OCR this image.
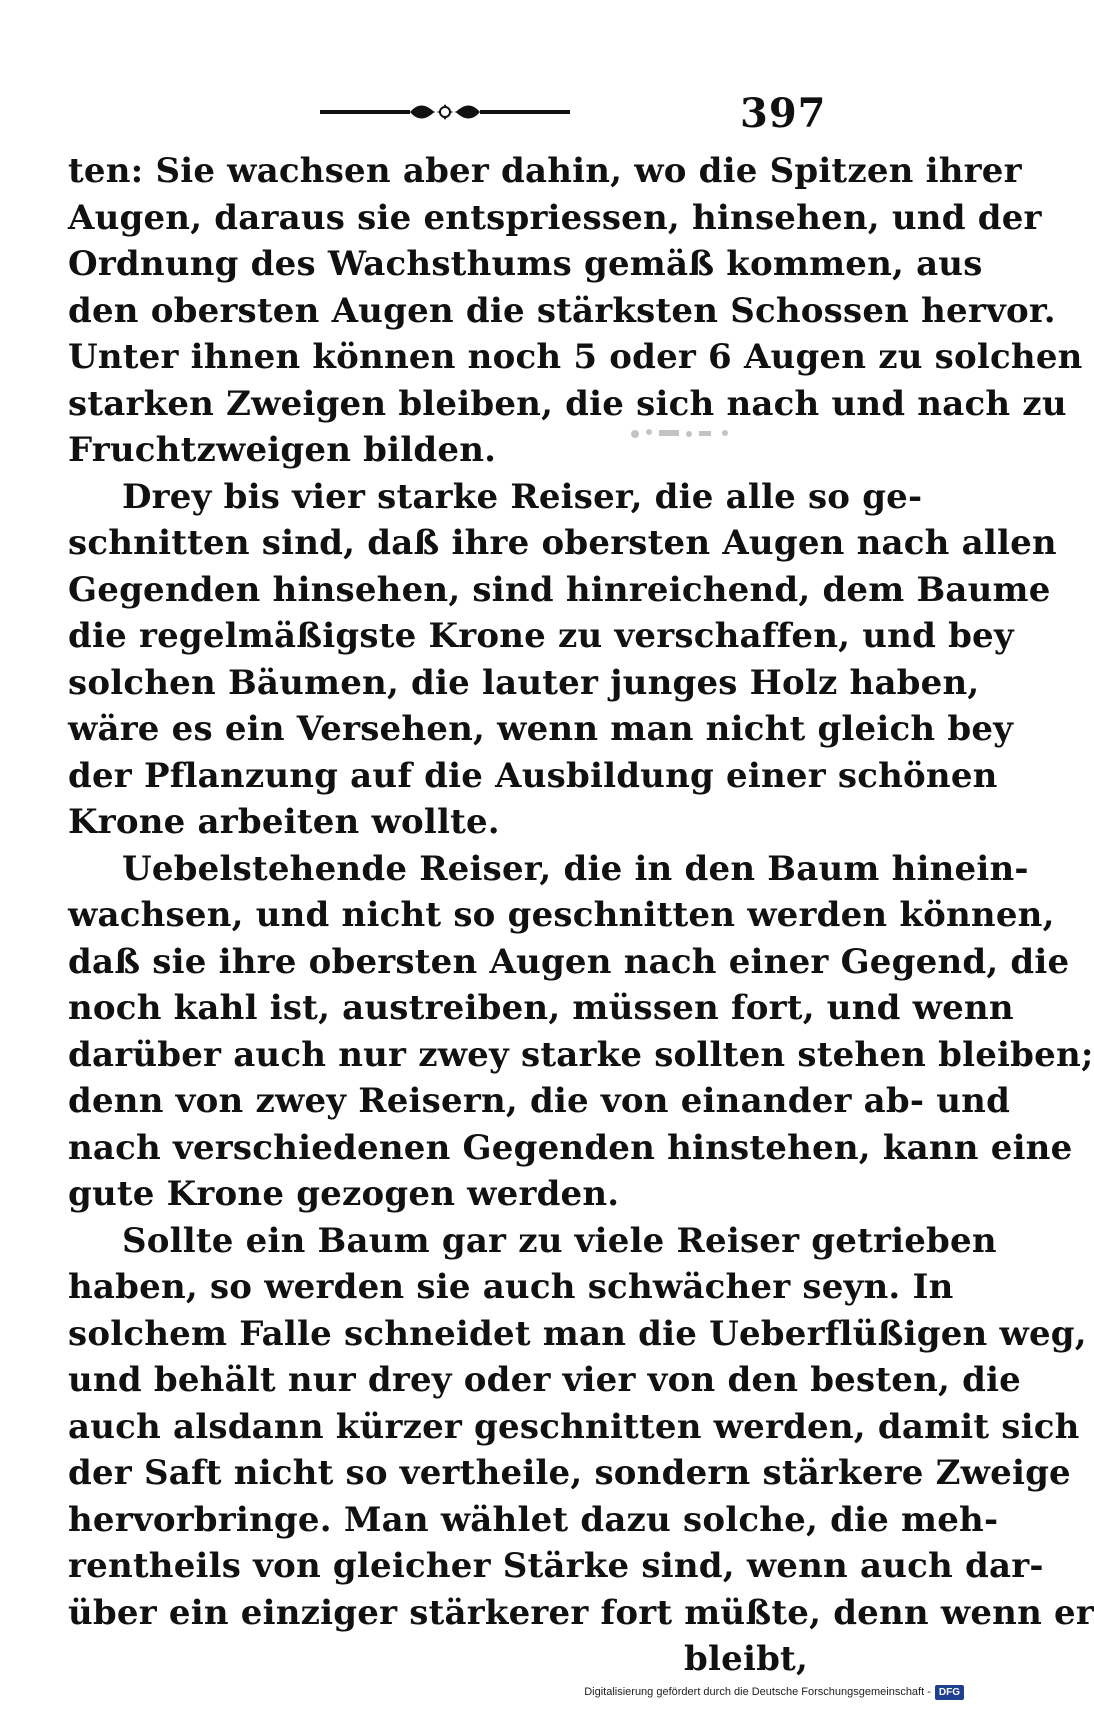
397
ten: Sie wachsen aber dahin, wo die Spitzen ihrer
Augen, daraus sie entspriessen, hinsehen, und der
Ordnung des Wachsthums gemäß kommen, aus
den obersten Augen die stärksten Schossen hervor.
Unter ihnen können noch 5 oder 6 Augen zu solchen
starken Zweigen bleiben, die sich nach und nach zu
Fruchtzweigen bilden.
Drey bis vier starke Reiser, die alle so ge-
schnitten sind, daß ihre obersten Augen nach allen
Gegenden hinsehen, sind hinreichend, dem Baume
die regelmäßigste Krone zu verschaffen, und bey
solchen Bäumen, die lauter junges Holz haben,
wäre es ein Versehen, wenn man nicht gleich bey
der Pflanzung auf die Ausbildung einer schönen
Krone arbeiten wollte.
Uebelstehende Reiser, die in den Baum hinein-
wachsen, und nicht so geschnitten werden können,
daß sie ihre obersten Augen nach einer Gegend, die
noch kahl ist, austreiben, müssen fort, und wenn
darüber auch nur zwey starke sollten stehen bleiben;
denn von zwey Reisern, die von einander ab- und
nach verschiedenen Gegenden hinstehen, kann eine
gute Krone gezogen werden.
Sollte ein Baum gar zu viele Reiser getrieben
haben, so werden sie auch schwächer seyn. In
solchem Falle schneidet man die Ueberflüßigen weg,
und behält nur drey oder vier von den besten, die
auch alsdann kürzer geschnitten werden, damit sich
der Saft nicht so vertheile, sondern stärkere Zweige
hervorbringe. Man wählet dazu solche, die meh-
rentheils von gleicher Stärke sind, wenn auch dar-
über ein einziger stärkerer fort müßte, denn wenn er
bleibt,
Digitalisierung gefördert durch die Deutsche Forschungsgemeinschaft - DFG
